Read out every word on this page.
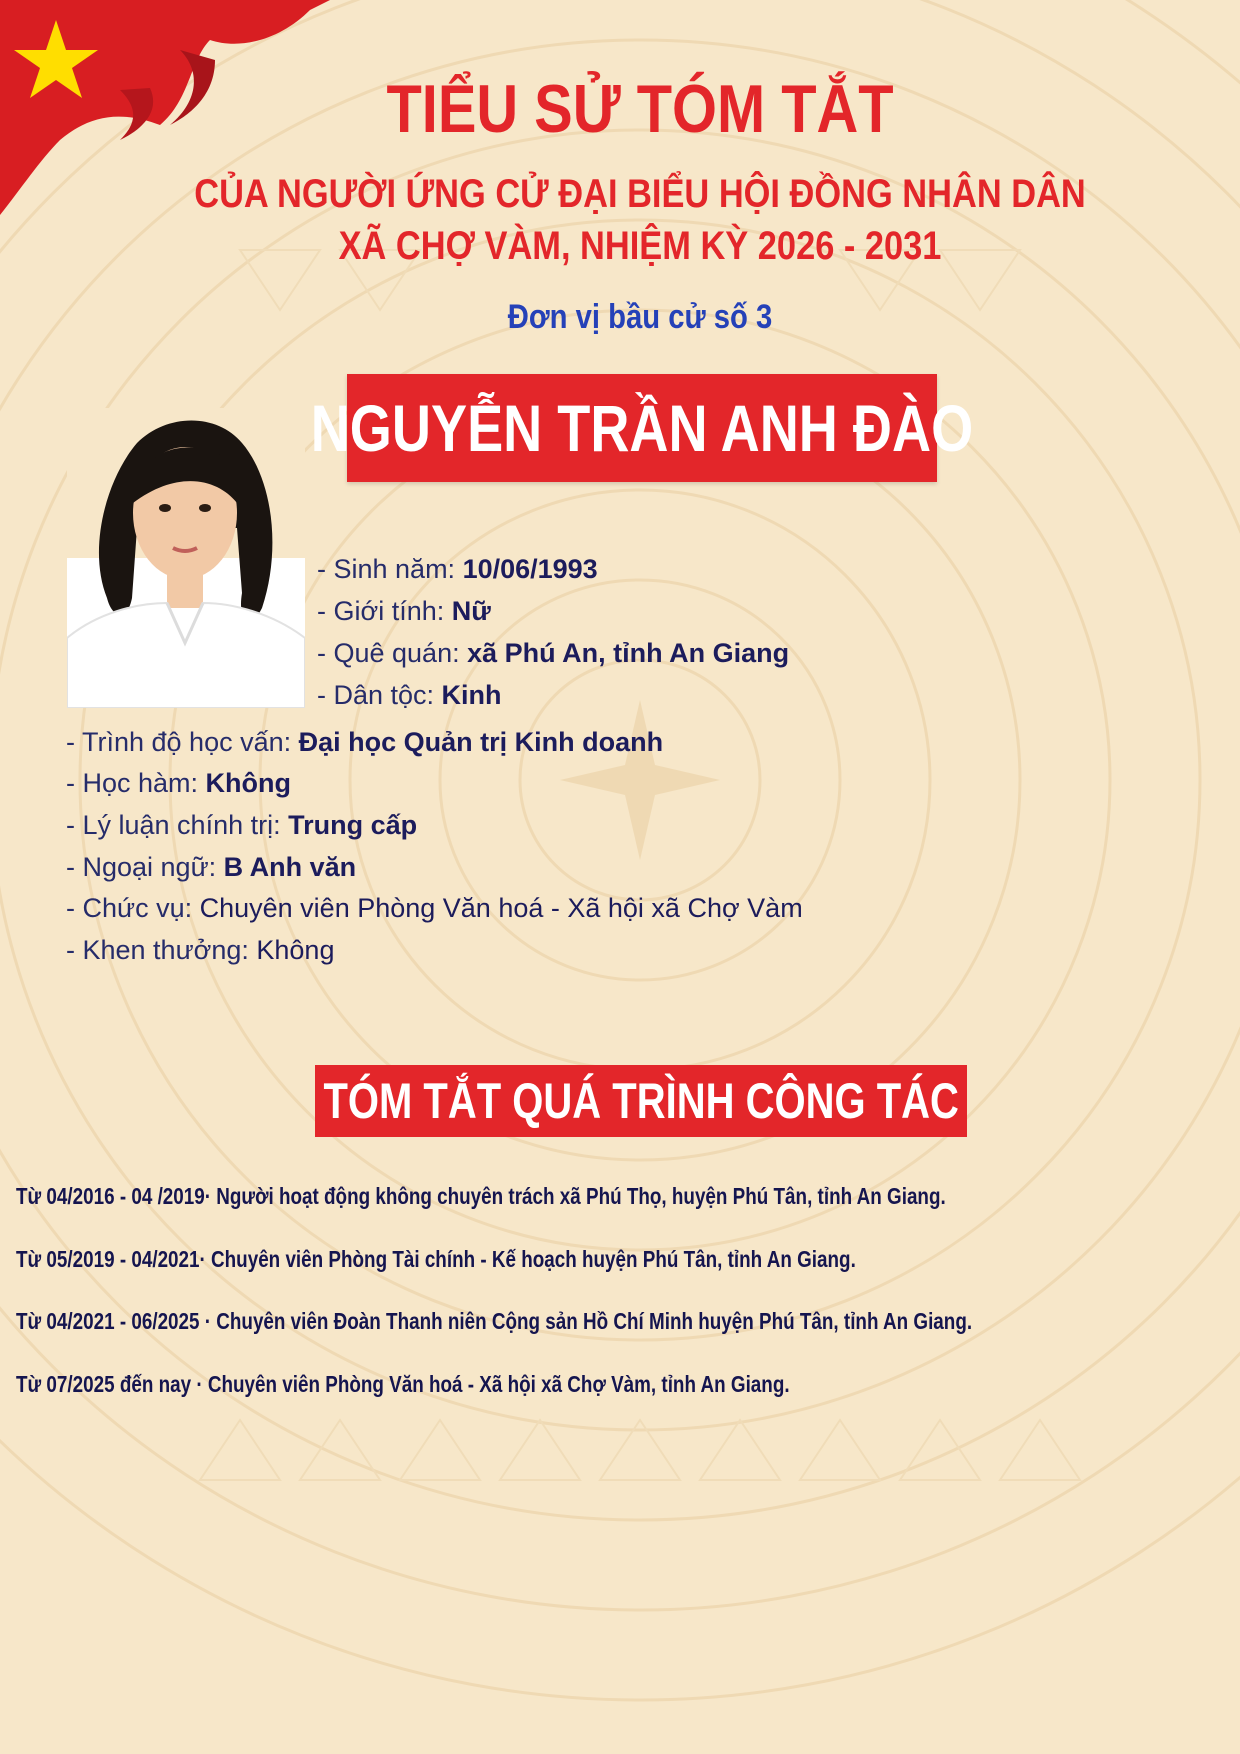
TIỂU SỬ TÓM TẮT
CỦA NGƯỜI ỨNG CỬ ĐẠI BIỂU HỘI ĐỒNG NHÂN DÂN
XÃ CHỢ VÀM, NHIỆM KỲ 2026 - 2031
Đơn vị bầu cử số 3
NGUYỄN TRẦN ANH ĐÀO
- Sinh năm: 10/06/1993
- Giới tính: Nữ
- Quê quán: xã Phú An, tỉnh An Giang
- Dân tộc: Kinh
- Trình độ học vấn: Đại học Quản trị Kinh doanh
- Học hàm: Không
- Lý luận chính trị: Trung cấp
- Ngoại ngữ: B Anh văn
- Chức vụ: Chuyên viên Phòng Văn hoá - Xã hội xã Chợ Vàm
- Khen thưởng: Không
TÓM TẮT QUÁ TRÌNH CÔNG TÁC
Từ 04/2016 - 04 /2019· Người hoạt động không chuyên trách xã Phú Thọ, huyện Phú Tân, tỉnh An Giang.
Từ 05/2019 - 04/2021· Chuyên viên Phòng Tài chính - Kế hoạch huyện Phú Tân, tỉnh An Giang.
Từ 04/2021 - 06/2025 · Chuyên viên Đoàn Thanh niên Cộng sản Hồ Chí Minh huyện Phú Tân, tỉnh An Giang.
Từ 07/2025 đến nay · Chuyên viên Phòng Văn hoá - Xã hội xã Chợ Vàm, tỉnh An Giang.
